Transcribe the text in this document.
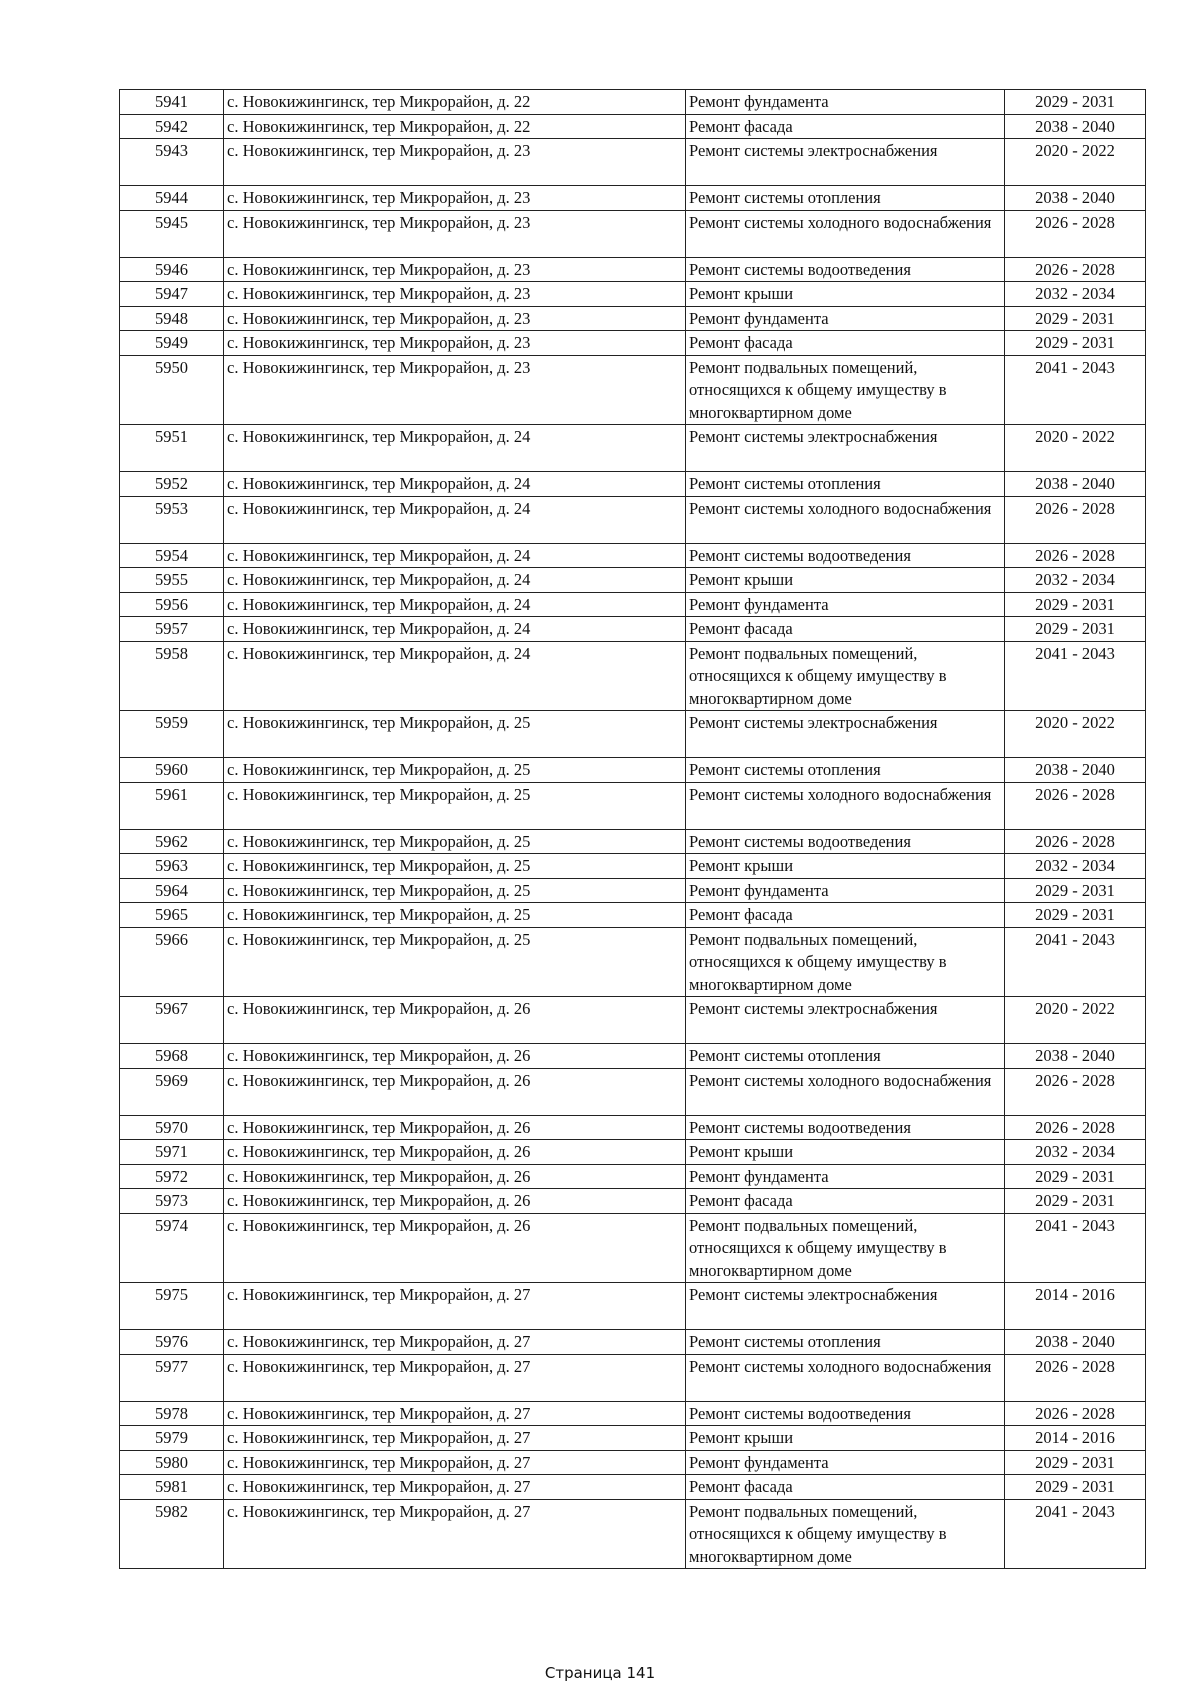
5941	с. Новокижингинск, тер Микрорайон, д. 22	Ремонт фундамента	2029 - 2031
5942	с. Новокижингинск, тер Микрорайон, д. 22	Ремонт фасада	2038 - 2040
5943	с. Новокижингинск, тер Микрорайон, д. 23	Ремонт системы электроснабжения	2020 - 2022
5944	с. Новокижингинск, тер Микрорайон, д. 23	Ремонт системы отопления	2038 - 2040
5945	с. Новокижингинск, тер Микрорайон, д. 23	Ремонт системы холодного водоснабжения	2026 - 2028
5946	с. Новокижингинск, тер Микрорайон, д. 23	Ремонт системы водоотведения	2026 - 2028
5947	с. Новокижингинск, тер Микрорайон, д. 23	Ремонт крыши	2032 - 2034
5948	с. Новокижингинск, тер Микрорайон, д. 23	Ремонт фундамента	2029 - 2031
5949	с. Новокижингинск, тер Микрорайон, д. 23	Ремонт фасада	2029 - 2031
5950	с. Новокижингинск, тер Микрорайон, д. 23	Ремонт подвальных помещений, относящихся к общему имуществу в многоквартирном доме	2041 - 2043
5951	с. Новокижингинск, тер Микрорайон, д. 24	Ремонт системы электроснабжения	2020 - 2022
5952	с. Новокижингинск, тер Микрорайон, д. 24	Ремонт системы отопления	2038 - 2040
5953	с. Новокижингинск, тер Микрорайон, д. 24	Ремонт системы холодного водоснабжения	2026 - 2028
5954	с. Новокижингинск, тер Микрорайон, д. 24	Ремонт системы водоотведения	2026 - 2028
5955	с. Новокижингинск, тер Микрорайон, д. 24	Ремонт крыши	2032 - 2034
5956	с. Новокижингинск, тер Микрорайон, д. 24	Ремонт фундамента	2029 - 2031
5957	с. Новокижингинск, тер Микрорайон, д. 24	Ремонт фасада	2029 - 2031
5958	с. Новокижингинск, тер Микрорайон, д. 24	Ремонт подвальных помещений, относящихся к общему имуществу в многоквартирном доме	2041 - 2043
5959	с. Новокижингинск, тер Микрорайон, д. 25	Ремонт системы электроснабжения	2020 - 2022
5960	с. Новокижингинск, тер Микрорайон, д. 25	Ремонт системы отопления	2038 - 2040
5961	с. Новокижингинск, тер Микрорайон, д. 25	Ремонт системы холодного водоснабжения	2026 - 2028
5962	с. Новокижингинск, тер Микрорайон, д. 25	Ремонт системы водоотведения	2026 - 2028
5963	с. Новокижингинск, тер Микрорайон, д. 25	Ремонт крыши	2032 - 2034
5964	с. Новокижингинск, тер Микрорайон, д. 25	Ремонт фундамента	2029 - 2031
5965	с. Новокижингинск, тер Микрорайон, д. 25	Ремонт фасада	2029 - 2031
5966	с. Новокижингинск, тер Микрорайон, д. 25	Ремонт подвальных помещений, относящихся к общему имуществу в многоквартирном доме	2041 - 2043
5967	с. Новокижингинск, тер Микрорайон, д. 26	Ремонт системы электроснабжения	2020 - 2022
5968	с. Новокижингинск, тер Микрорайон, д. 26	Ремонт системы отопления	2038 - 2040
5969	с. Новокижингинск, тер Микрорайон, д. 26	Ремонт системы холодного водоснабжения	2026 - 2028
5970	с. Новокижингинск, тер Микрорайон, д. 26	Ремонт системы водоотведения	2026 - 2028
5971	с. Новокижингинск, тер Микрорайон, д. 26	Ремонт крыши	2032 - 2034
5972	с. Новокижингинск, тер Микрорайон, д. 26	Ремонт фундамента	2029 - 2031
5973	с. Новокижингинск, тер Микрорайон, д. 26	Ремонт фасада	2029 - 2031
5974	с. Новокижингинск, тер Микрорайон, д. 26	Ремонт подвальных помещений, относящихся к общему имуществу в многоквартирном доме	2041 - 2043
5975	с. Новокижингинск, тер Микрорайон, д. 27	Ремонт системы электроснабжения	2014 - 2016
5976	с. Новокижингинск, тер Микрорайон, д. 27	Ремонт системы отопления	2038 - 2040
5977	с. Новокижингинск, тер Микрорайон, д. 27	Ремонт системы холодного водоснабжения	2026 - 2028
5978	с. Новокижингинск, тер Микрорайон, д. 27	Ремонт системы водоотведения	2026 - 2028
5979	с. Новокижингинск, тер Микрорайон, д. 27	Ремонт крыши	2014 - 2016
5980	с. Новокижингинск, тер Микрорайон, д. 27	Ремонт фундамента	2029 - 2031
5981	с. Новокижингинск, тер Микрорайон, д. 27	Ремонт фасада	2029 - 2031
5982	с. Новокижингинск, тер Микрорайон, д. 27	Ремонт подвальных помещений, относящихся к общему имуществу в многоквартирном доме	2041 - 2043
Страница 141
